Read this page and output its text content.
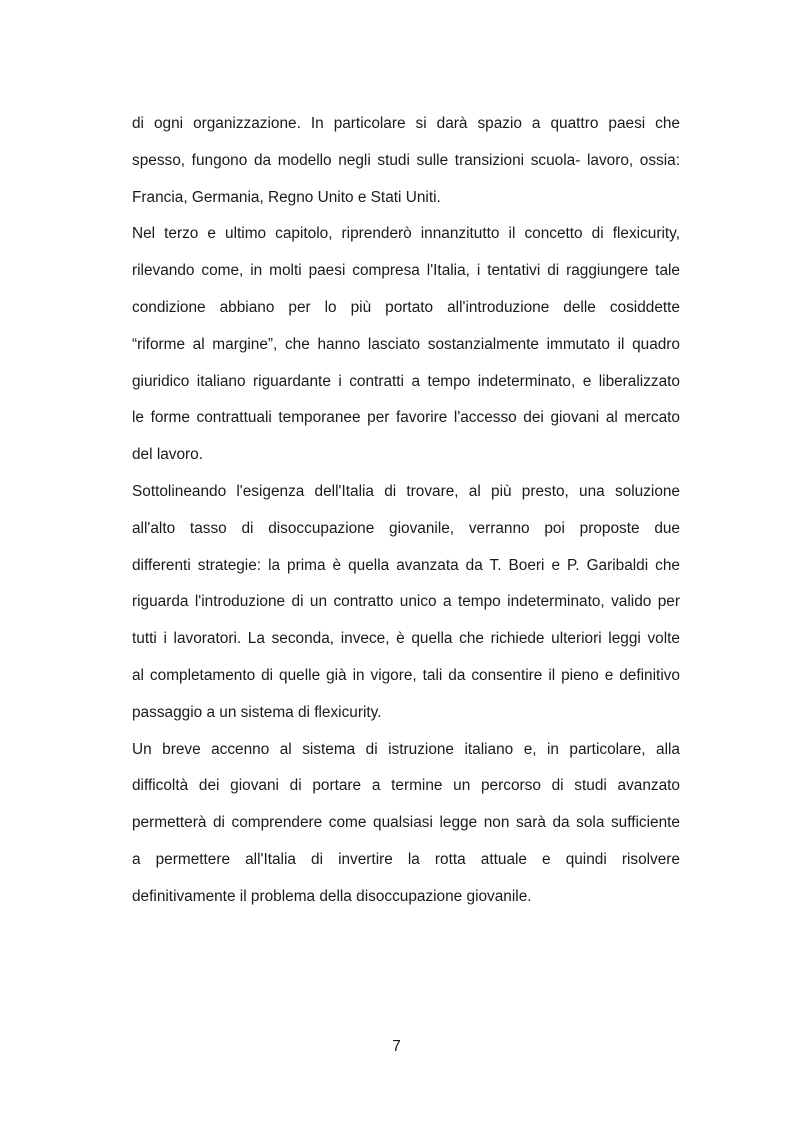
di ogni organizzazione. In particolare si darà spazio a quattro paesi che
spesso, fungono da modello negli studi sulle transizioni scuola- lavoro, ossia:
Francia, Germania, Regno Unito e Stati Uniti.
Nel terzo e ultimo capitolo, riprenderò innanzitutto il concetto di flexicurity,
rilevando come, in molti paesi compresa l'Italia, i tentativi di raggiungere tale
condizione abbiano per lo più portato all'introduzione delle cosiddette
“riforme al margine”, che hanno lasciato sostanzialmente immutato il quadro
giuridico italiano riguardante i contratti a tempo indeterminato, e liberalizzato
le forme contrattuali temporanee per favorire l'accesso dei giovani al mercato
del lavoro.
Sottolineando l'esigenza dell'Italia di trovare, al più presto, una soluzione
all'alto tasso di disoccupazione giovanile, verranno poi proposte due
differenti strategie: la prima è quella avanzata da T. Boeri e P. Garibaldi che
riguarda l'introduzione di un contratto unico a tempo indeterminato, valido per
tutti i lavoratori. La seconda, invece, è quella che richiede ulteriori leggi volte
al completamento di quelle già in vigore, tali da consentire il pieno e definitivo
passaggio a un sistema di flexicurity.
Un breve accenno al sistema di istruzione italiano e, in particolare, alla
difficoltà dei giovani di portare a termine un percorso di studi avanzato
permetterà di comprendere come qualsiasi legge non sarà da sola sufficiente
a permettere all'Italia di invertire la rotta attuale e quindi risolvere
definitivamente il problema della disoccupazione giovanile.
7
